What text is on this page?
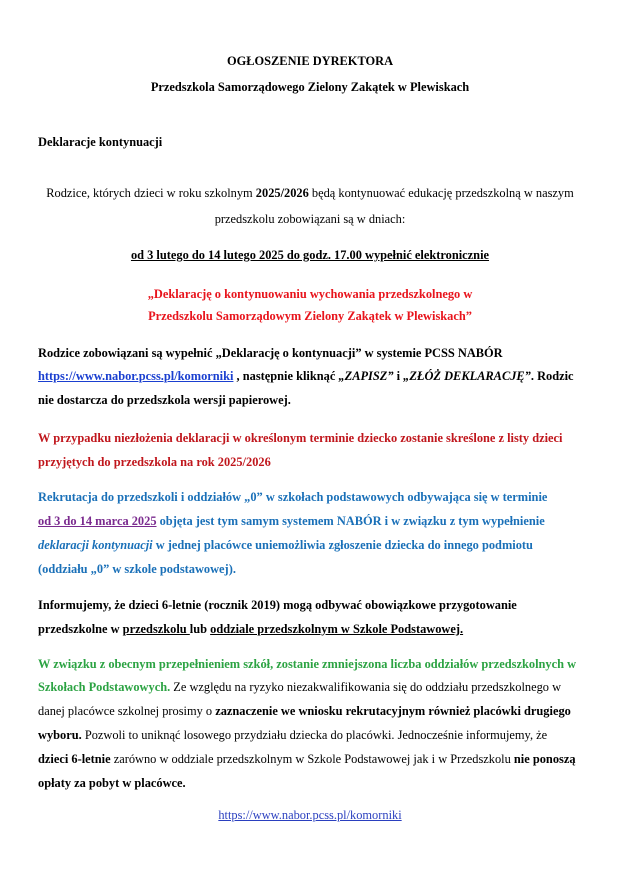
OGŁOSZENIE DYREKTORA
Przedszkola Samorządowego Zielony Zakątek w Plewiskach
Deklaracje kontynuacji
Rodzice, których dzieci w roku szkolnym 2025/2026 będą kontynuować edukację przedszkolną w naszym
przedszkolu zobowiązani są w dniach:
od 3 lutego do 14 lutego 2025 do godz. 17.00 wypełnić elektronicznie
„Deklarację o kontynuowaniu wychowania przedszkolnego w
Przedszkolu Samorządowym Zielony Zakątek w Plewiskach”
Rodzice zobowiązani są wypełnić „Deklarację o kontynuacji” w systemie PCSS NABÓR
https://www.nabor.pcss.pl/komorniki , następnie kliknąć „ZAPISZ” i „ZŁÓŻ DEKLARACJĘ”. Rodzic
nie dostarcza do przedszkola wersji papierowej.
W przypadku niezłożenia deklaracji w określonym terminie dziecko zostanie skreślone z listy dzieci
przyjętych do przedszkola na rok 2025/2026
Rekrutacja do przedszkoli i oddziałów „0” w szkołach podstawowych odbywająca się w terminie
od 3 do 14 marca 2025 objęta jest tym samym systemem NABÓR i w związku z tym wypełnienie
deklaracji kontynuacji w jednej placówce uniemożliwia zgłoszenie dziecka do innego podmiotu
(oddziału „0” w szkole podstawowej).
Informujemy, że dzieci 6-letnie (rocznik 2019) mogą odbywać obowiązkowe przygotowanie
przedszkolne w przedszkolu lub oddziale przedszkolnym w Szkole Podstawowej.
W związku z obecnym przepełnieniem szkół, zostanie zmniejszona liczba oddziałów przedszkolnych w
Szkołach Podstawowych. Ze względu na ryzyko niezakwalifikowania się do oddziału przedszkolnego w
danej placówce szkolnej prosimy o zaznaczenie we wniosku rekrutacyjnym również placówki drugiego
wyboru. Pozwoli to uniknąć losowego przydziału dziecka do placówki. Jednocześnie informujemy, że
dzieci 6-letnie zarówno w oddziale przedszkolnym w Szkole Podstawowej jak i w Przedszkolu nie ponoszą
opłaty za pobyt w placówce.
https://www.nabor.pcss.pl/komorniki
